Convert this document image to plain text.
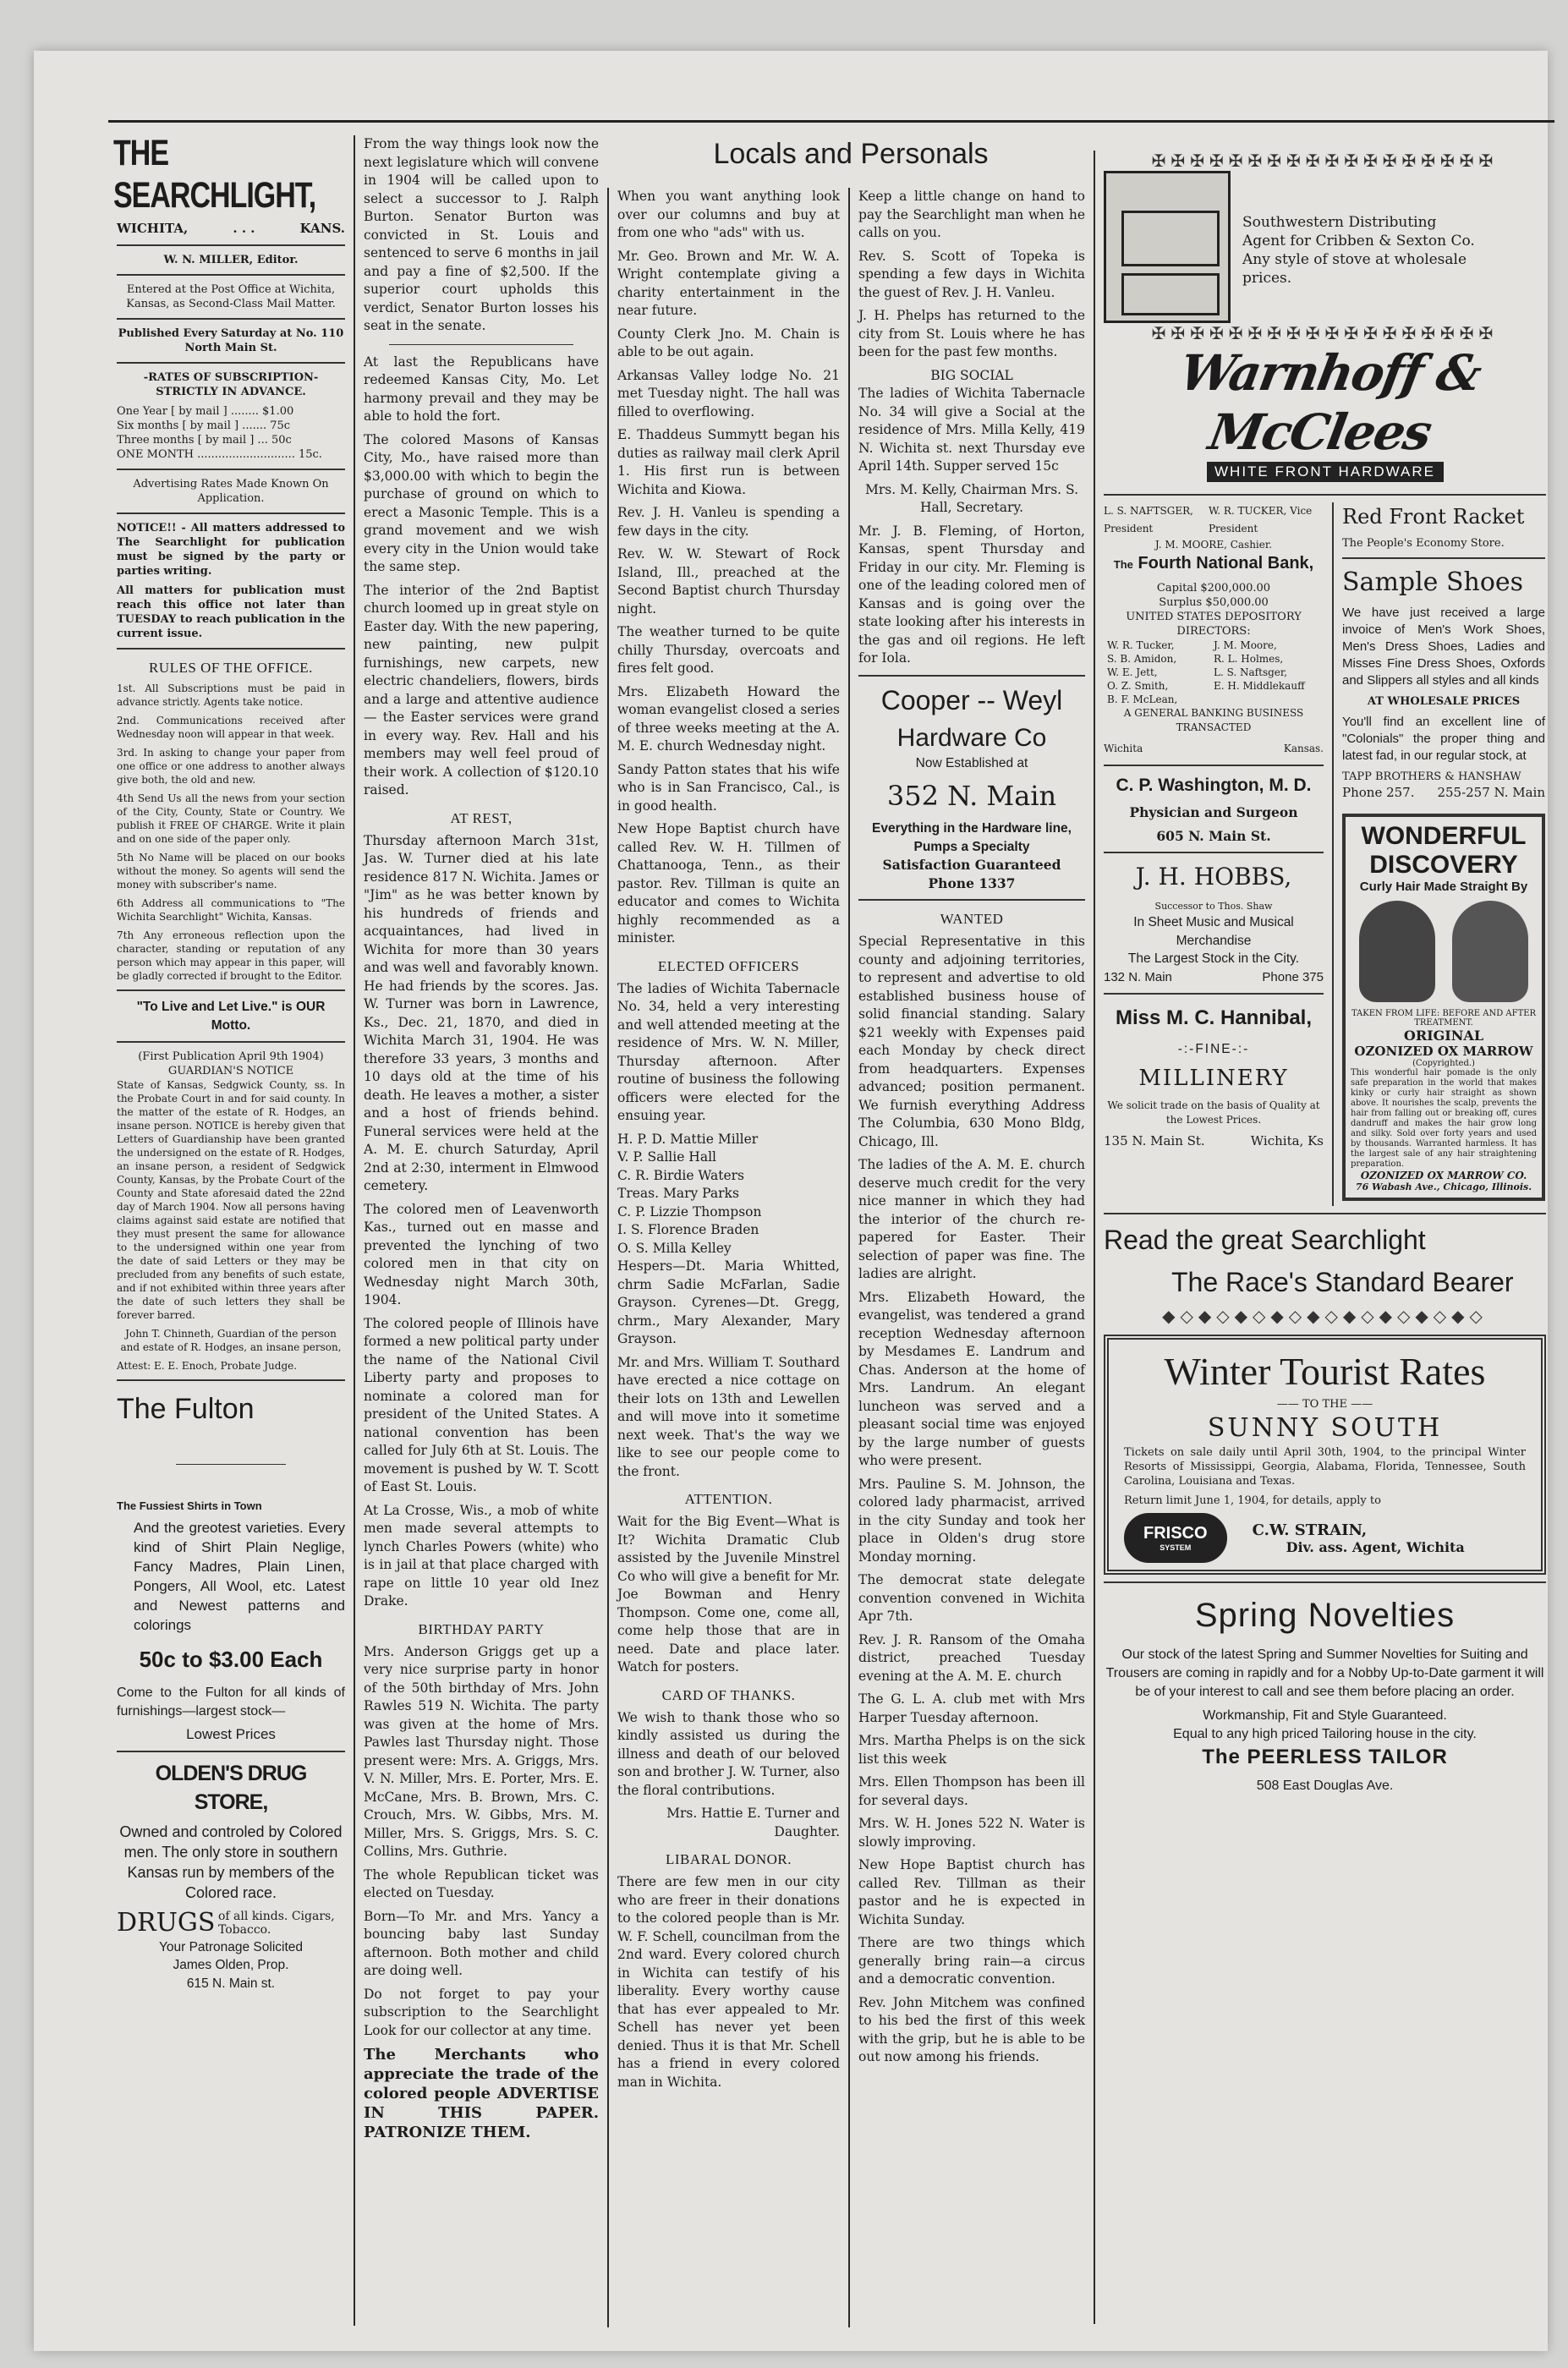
THE SEARCHLIGHT,
WICHITA,	. . .	KANS.
W. N. MILLER, Editor.
Entered at the Post Office at Wichita, Kansas, as Second-Class Mail Matter.
Published Every Saturday at No. 110 North Main St.
-RATES OF SUBSCRIPTION- STRICTLY IN ADVANCE.
One Year [ by mail ] ........ $1.00
Six months [ by mail ] ....... 75c
Three months [ by mail ] ... 50c
ONE MONTH ............................ 15c.
Advertising Rates Made Known On Application.
NOTICE!! - All matters addressed to The Searchlight for publication must be signed by the party or parties writing.
All matters for publication must reach this office not later than TUESDAY to reach publication in the current issue.
RULES OF THE OFFICE.
1st. All Subscriptions must be paid in advance strictly. Agents take notice.
2nd. Communications received after Wednesday noon will appear in that week.
3rd. In asking to change your paper from one office or one address to another always give both, the old and new.
4th Send Us all the news from your section of the City, County, State or Country. We publish it FREE OF CHARGE. Write it plain and on one side of the paper only.
5th No Name will be placed on our books without the money. So agents will send the money with subscriber's name.
6th Address all communications to "The Wichita Searchlight" Wichita, Kansas.
7th Any erroneous reflection upon the character, standing or reputation of any person which may appear in this paper, will be gladly corrected if brought to the Editor.
"To Live and Let Live." is OUR Motto.
(First Publication April 9th 1904)
GUARDIAN'S NOTICE
State of Kansas, Sedgwick County, ss. In the Probate Court in and for said county. In the matter of the estate of R. Hodges, an insane person. NOTICE is hereby given that Letters of Guardianship have been granted the undersigned on the estate of R. Hodges, an insane person, a resident of Sedgwick County, Kansas, by the Probate Court of the County and State aforesaid dated the 22nd day of March 1904. Now all persons having claims against said estate are notified that they must present the same for allowance to the undersigned within one year from the date of said Letters or they may be precluded from any benefits of such estate, and if not exhibited within three years after the date of such letters they shall be forever barred.
John T. Chinneth, Guardian of the person and estate of R. Hodges, an insane person,
Attest: E. E. Enoch, Probate Judge.
The Fulton
The Fussiest Shirts in Town
And the greotest varieties. Every kind of Shirt Plain Neglige, Fancy Madres, Plain Linen, Pongers, All Wool, etc. Latest and Newest patterns and colorings
50c to $3.00 Each
Come to the Fulton for all kinds of furnishings—largest stock—
Lowest Prices
OLDEN'S DRUG STORE,
Owned and controled by Colored men. The only store in southern Kansas run by members of the Colored race.
DRUGS of all kinds. Cigars, Tobacco.
Your Patronage Solicited
James Olden, Prop.
615 N. Main st.

From the way things look now the next legislature which will convene in 1904 will be called upon to select a successor to J. Ralph Burton. Senator Burton was convicted in St. Louis and sentenced to serve 6 months in jail and pay a fine of $2,500. If the superior court upholds this verdict, Senator Burton losses his seat in the senate.

At last the Republicans have redeemed Kansas City, Mo. Let harmony prevail and they may be able to hold the fort.

The colored Masons of Kansas City, Mo., have raised more than $3,000.00 with which to begin the purchase of ground on which to erect a Masonic Temple. This is a grand movement and we wish every city in the Union would take the same step.

The interior of the 2nd Baptist church loomed up in great style on Easter day. With the new papering, new painting, new pulpit furnishings, new carpets, new electric chandeliers, flowers, birds and a large and attentive audience — the Easter services were grand in every way. Rev. Hall and his members may well feel proud of their work. A collection of $120.10 raised.

AT REST,

Thursday afternoon March 31st, Jas. W. Turner died at his late residence 817 N. Wichita. James or "Jim" as he was better known by his hundreds of friends and acquaintances, had lived in Wichita for more than 30 years and was well and favorably known. He had friends by the scores. Jas. W. Turner was born in Lawrence, Ks., Dec. 21, 1870, and died in Wichita March 31, 1904. He was therefore 33 years, 3 months and 10 days old at the time of his death. He leaves a mother, a sister and a host of friends behind. Funeral services were held at the A. M. E. church Saturday, April 2nd at 2:30, interment in Elmwood cemetery.

The colored men of Leavenworth Kas., turned out en masse and prevented the lynching of two colored men in that city on Wednesday night March 30th, 1904.

The colored people of Illinois have formed a new political party under the name of the National Civil Liberty party and proposes to nominate a colored man for president of the United States. A national convention has been called for July 6th at St. Louis. The movement is pushed by W. T. Scott of East St. Louis.

At La Crosse, Wis., a mob of white men made several attempts to lynch Charles Powers (white) who is in jail at that place charged with rape on little 10 year old Inez Drake.

BIRTHDAY PARTY

Mrs. Anderson Griggs get up a very nice surprise party in honor of the 50th birthday of Mrs. John Rawles 519 N. Wichita. The party was given at the home of Mrs. Pawles last Thursday night. Those present were: Mrs. A. Griggs, Mrs. V. N. Miller, Mrs. E. Porter, Mrs. E. McCane, Mrs. B. Brown, Mrs. C. Crouch, Mrs. W. Gibbs, Mrs. M. Miller, Mrs. S. Griggs, Mrs. S. C. Collins, Mrs. Guthrie.

The whole Republican ticket was elected on Tuesday.

Born—To Mr. and Mrs. Yancy a bouncing baby last Sunday afternoon. Both mother and child are doing well.

Do not forget to pay your subscription to the Searchlight Look for our collector at any time.

The Merchants who appreciate the trade of the colored people ADVERTISE IN THIS PAPER. PATRONIZE THEM.

Locals and Personals

When you want anything look over our columns and buy at from one who "ads" with us.

Mr. Geo. Brown and Mr. W. A. Wright contemplate giving a charity entertainment in the near future.

County Clerk Jno. M. Chain is able to be out again.

Arkansas Valley lodge No. 21 met Tuesday night. The hall was filled to overflowing.

E. Thaddeus Summytt began his duties as railway mail clerk April 1. His first run is between Wichita and Kiowa.

Rev. J. H. Vanleu is spending a few days in the city.

Rev. W. W. Stewart of Rock Island, Ill., preached at the Second Baptist church Thursday night.

The weather turned to be quite chilly Thursday, overcoats and fires felt good.

Mrs. Elizabeth Howard the woman evangelist closed a series of three weeks meeting at the A. M. E. church Wednesday night.

Sandy Patton states that his wife who is in San Francisco, Cal., is in good health.

New Hope Baptist church have called Rev. W. H. Tillmen of Chattanooga, Tenn., as their pastor. Rev. Tillman is quite an educator and comes to Wichita highly recommended as a minister.

ELECTED OFFICERS

The ladies of Wichita Tabernacle No. 34, held a very interesting and well attended meeting at the residence of Mrs. W. N. Miller, Thursday afternoon. After routine of business the following officers were elected for the ensuing year.

H. P. D. Mattie Miller
V. P. Sallie Hall
C. R. Birdie Waters
Treas. Mary Parks
C. P. Lizzie Thompson
I. S. Florence Braden
O. S. Milla Kelley

Hespers—Dt. Maria Whitted, chrm Sadie McFarlan, Sadie Grayson. Cyrenes—Dt. Gregg, chrm., Mary Alexander, Mary Grayson.

Mr. and Mrs. William T. Southard have erected a nice cottage on their lots on 13th and Lewellen and will move into it sometime next week. That's the way we like to see our people come to the front.

ATTENTION.

Wait for the Big Event—What is It? Wichita Dramatic Club assisted by the Juvenile Minstrel Co who will give a benefit for Mr. Joe Bowman and Henry Thompson. Come one, come all, come help those that are in need. Date and place later. Watch for posters.

CARD OF THANKS.

We wish to thank those who so kindly assisted us during the illness and death of our beloved son and brother J. W. Turner, also the floral contributions.

Mrs. Hattie E. Turner and Daughter.

LIBARAL DONOR.

There are few men in our city who are freer in their donations to the colored people than is Mr. W. F. Schell, councilman from the 2nd ward. Every colored church in Wichita can testify of his liberality. Every worthy cause that has ever appealed to Mr. Schell has never yet been denied. Thus it is that Mr. Schell has a friend in every colored man in Wichita.

Keep a little change on hand to pay the Searchlight man when he calls on you.

Rev. S. Scott of Topeka is spending a few days in Wichita the guest of Rev. J. H. Vanleu.

J. H. Phelps has returned to the city from St. Louis where he has been for the past few months.

BIG SOCIAL

The ladies of Wichita Tabernacle No. 34 will give a Social at the residence of Mrs. Milla Kelly, 419 N. Wichita st. next Thursday eve April 14th. Supper served 15c

Mrs. M. Kelly, Chairman Mrs. S. Hall, Secretary.

Mr. J. B. Fleming, of Horton, Kansas, spent Thursday and Friday in our city. Mr. Fleming is one of the leading colored men of Kansas and is going over the state looking after his interests in the gas and oil regions. He left for Iola.

Cooper -- Weyl
Hardware Co
Now Established at
352 N. Main
Everything in the Hardware line, Pumps a Specialty
Satisfaction Guaranteed
Phone 1337
WANTED

Special Representative in this county and adjoining territories, to represent and advertise to old established business house of solid financial standing. Salary $21 weekly with Expenses paid each Monday by check direct from headquarters. Expenses advanced; position permanent. We furnish everything Address The Columbia, 630 Mono Bldg, Chicago, Ill.

The ladies of the A. M. E. church deserve much credit for the very nice manner in which they had the interior of the church re-papered for Easter. Their selection of paper was fine. The ladies are alright.

Mrs. Elizabeth Howard, the evangelist, was tendered a grand reception Wednesday afternoon by Mesdames E. Landrum and Chas. Anderson at the home of Mrs. Landrum. An elegant luncheon was served and a pleasant social time was enjoyed by the large number of guests who were present.

Mrs. Pauline S. M. Johnson, the colored lady pharmacist, arrived in the city Sunday and took her place in Olden's drug store Monday morning.

The democrat state delegate convention convened in Wichita Apr 7th.

Rev. J. R. Ransom of the Omaha district, preached Tuesday evening at the A. M. E. church

The G. L. A. club met with Mrs Harper Tuesday afternoon.

Mrs. Martha Phelps is on the sick list this week

Mrs. Ellen Thompson has been ill for several days.

Mrs. W. H. Jones 522 N. Water is slowly improving.

New Hope Baptist church has called Rev. Tillman as their pastor and he is expected in Wichita Sunday.

There are two things which generally bring rain—a circus and a democratic convention.

Rev. John Mitchem was confined to his bed the first of this week with the grip, but he is able to be out now among his friends.

✠✠✠✠✠✠✠✠✠✠✠✠✠✠✠✠✠✠
Southwestern Distributing
Agent for Cribben & Sexton Co.
Any style of stove at wholesale
prices.
✠✠✠✠✠✠✠✠✠✠✠✠✠✠✠✠✠✠
Warnhoff & McClees
WHITE FRONT HARDWARE
L. S. NAFTSGER, President
W. R. TUCKER, Vice President
J. M. MOORE, Cashier.
The Fourth National Bank,
Capital $200,000.00
Surplus $50,000.00
UNITED STATES DEPOSITORY
DIRECTORS:
W. R. Tucker,	J. M. Moore,
S. B. Amidon,	R. L. Holmes,
W. E. Jett,	L. S. Naftsger,
O. Z. Smith,	E. H. Middlekauff
B. F. McLean,
A GENERAL BANKING BUSINESS TRANSACTED
Wichita	Kansas.
C. P. Washington, M. D.
Physician and Surgeon
605 N. Main St.
J. H. HOBBS,
Successor to Thos. Shaw
In Sheet Music and Musical
Merchandise
The Largest Stock in the City.
132 N. Main	Phone 375
Miss M. C. Hannibal,
-:-FINE-:-
MILLINERY
We solicit trade on the basis of Quality at the Lowest Prices.
135 N. Main St.	Wichita, Ks
Red Front Racket
The People's Economy Store.
Sample Shoes
We have just received a large invoice of Men's Work Shoes, Men's Dress Shoes, Ladies and Misses Fine Dress Shoes, Oxfords and Slippers all styles and all kinds
AT WHOLESALE PRICES
You'll find an excellent line of "Colonials" the proper thing and latest fad, in our regular stock, at
TAPP BROTHERS & HANSHAW
Phone 257. 255-257 N. Main
WONDERFUL
DISCOVERY
Curly Hair Made Straight By
TAKEN FROM LIFE: BEFORE AND AFTER TREATMENT.
ORIGINAL
OZONIZED OX MARROW
(Copyrighted.)
This wonderful hair pomade is the only safe preparation in the world that makes kinky or curly hair straight as shown above. It nourishes the scalp, prevents the hair from falling out or breaking off, cures dandruff and makes the hair grow long and silky. Sold over forty years and used by thousands. Warranted harmless. It has the largest sale of any hair straightening preparation.
OZONIZED OX MARROW CO.
76 Wabash Ave., Chicago, Illinois.
Read the great Searchlight
The Race's Standard Bearer
◆◇◆◇◆◇◆◇◆◇◆◇◆◇◆◇◆◇
Winter Tourist Rates
—— TO THE ——
SUNNY SOUTH
Tickets on sale daily until April 30th, 1904, to the principal Winter Resorts of Mississippi, Georgia, Alabama, Florida, Tennessee, South Carolina, Louisiana and Texas.
Return limit June 1, 1904, for details, apply to
FRISCO
SYSTEM
C.W. STRAIN,
Div. ass. Agent, Wichita
Spring Novelties
Our stock of the latest Spring and Summer Novelties for Suiting and Trousers are coming in rapidly and for a Nobby Up-to-Date garment it will be of your interest to call and see them before placing an order.
Workmanship, Fit and Style Guaranteed.
Equal to any high priced Tailoring house in the city.
The PEERLESS TAILOR
508 East Douglas Ave.
